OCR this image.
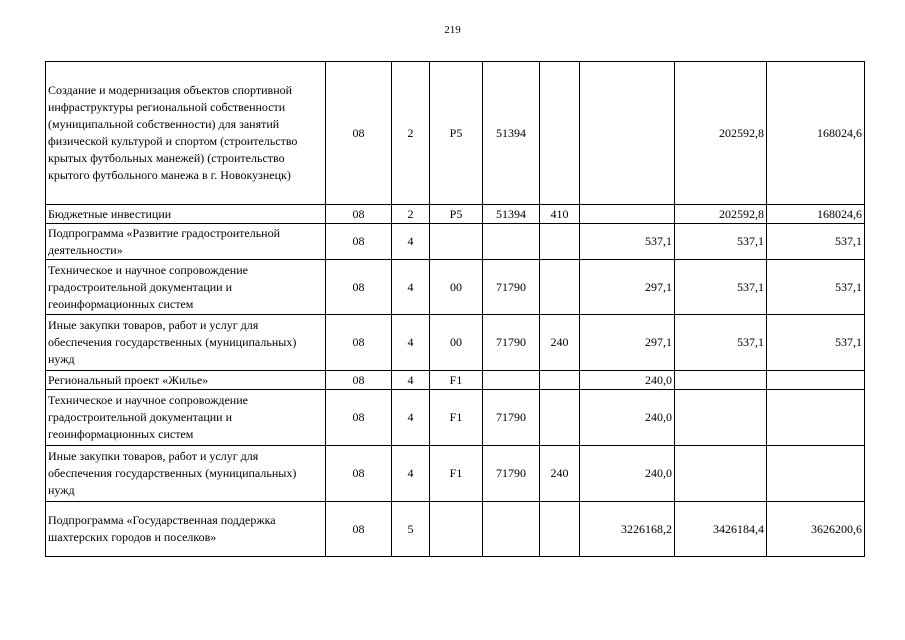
219
Создание и модернизация объектов спортивной инфраструктуры региональной собственности (муниципальной собственности) для занятий физической культурой и спортом (строительство крытых футбольных манежей) (строительство крытого футбольного манежа в г. Новокузнецк)	08	2	Р5	51394			202592,8	168024,6
Бюджетные инвестиции	08	2	Р5	51394	410		202592,8	168024,6
Подпрограмма «Развитие градостроительной деятельности»	08	4				537,1	537,1	537,1
Техническое и научное сопровождение градостроительной документации и геоинформационных систем	08	4	00	71790		297,1	537,1	537,1
Иные закупки товаров, работ и услуг для обеспечения государственных (муниципальных) нужд	08	4	00	71790	240	297,1	537,1	537,1
Региональный проект «Жилье»	08	4	F1			240,0		
Техническое и научное сопровождение градостроительной документации и геоинформационных систем	08	4	F1	71790		240,0		
Иные закупки товаров, работ и услуг для обеспечения государственных (муниципальных) нужд	08	4	F1	71790	240	240,0		
Подпрограмма «Государственная поддержка шахтерских городов и поселков»	08	5				3226168,2	3426184,4	3626200,6
